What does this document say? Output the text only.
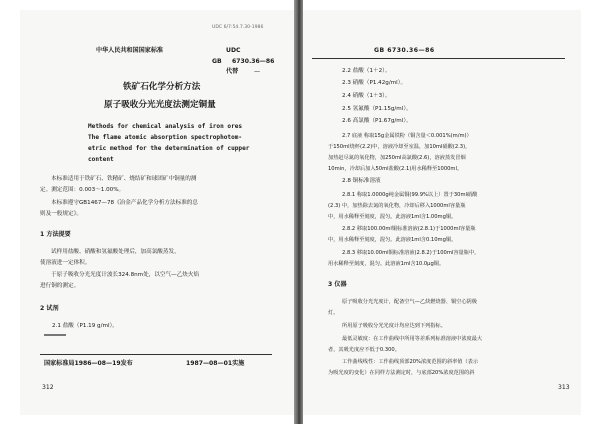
UDC 6/7:54.7.30-1986
中华人民共和国国家标准	UDC
GB 6730.36—86
代替	—
铁矿石化学分析方法
原子吸收分光光度法测定铜量
Methods for chemical analysis of iron ores
The flame atomic absorption spectrophotom-
etric method for the determination of cupper
content
本标准适用于铁矿石、铁精矿、烧结矿和球团矿中铜量的测
定。测定范围：0.003～1.00%。
本标准遵守GB1467—78《冶金产品化学分析方法标准的总
则及一般规定》。
1 方法提要
试样用盐酸、硝酸和氢氟酸处理后，加高氯酸蒸发，
使溶液进一定体积。
于原子吸收分光光度计波长324.8nm处，以空气—乙炔火焰
进行铜的测定。
2 试剂
2.1 盐酸（P1.19 g/ml）。
国家标准局1986—08—19发布	1987—08—01实施
312
GB 6730.36—86
2.2 盐酸（1＋2）。
2.3 硝酸（P1.42g/ml）。
2.4 硝酸（1＋3）。
2.5 氢氟酸（P1.15g/ml）。
2.6 高氯酸（P1.67g/ml）。
2.7 底液 称取15g金属铁粉（铜含量＜0.001%(m/m)）
于150ml烧杯(2.2)中，溶液冷却至室温，加10ml硝酸(2.3)，
加热赶尽氮的氧化物，加250ml高氯酸(2.6)，溶液蒸发冒烟
10min，冷却后加入50ml盐酸(2.1)用水稀释至1000ml。
2.8 铜标准溶液
2.8.1 称取1.0000g纯金属铜(99.9%以上）置于30ml硝酸
(2.3) 中，加热除去氮的氧化物，冷却后移入1000ml容量瓶
中，用水稀释至刻度，混匀。此溶液1ml含1.00mg铜。
2.8.2 移取100.00ml铜标准溶液(2.8.1)于1000ml容量瓶
中，用水稀释至刻度，混匀。此溶液1ml含0.10mg铜。
2.8.3 移取10.00ml铜标准溶液(2.8.2)于100ml容量瓶中，
用水稀释至刻度，混匀。此溶液1ml含10.0μg铜。
3 仪器
原子吸收分光光度计，配备空气—乙炔燃烧器、铜空心阴极
灯。
所用原子吸收分光光度计均应达到下列指标。
最低灵敏度：在工作曲线中所用等差系列标准溶液中浓度最大
者，其吸光度应不低于0.300。
工作曲线线性：工作曲线顶部20%浓度范围的斜率值（表示
为吸光度的变化）在同样方法测定时，与底部20%浓度范围的斜
313
